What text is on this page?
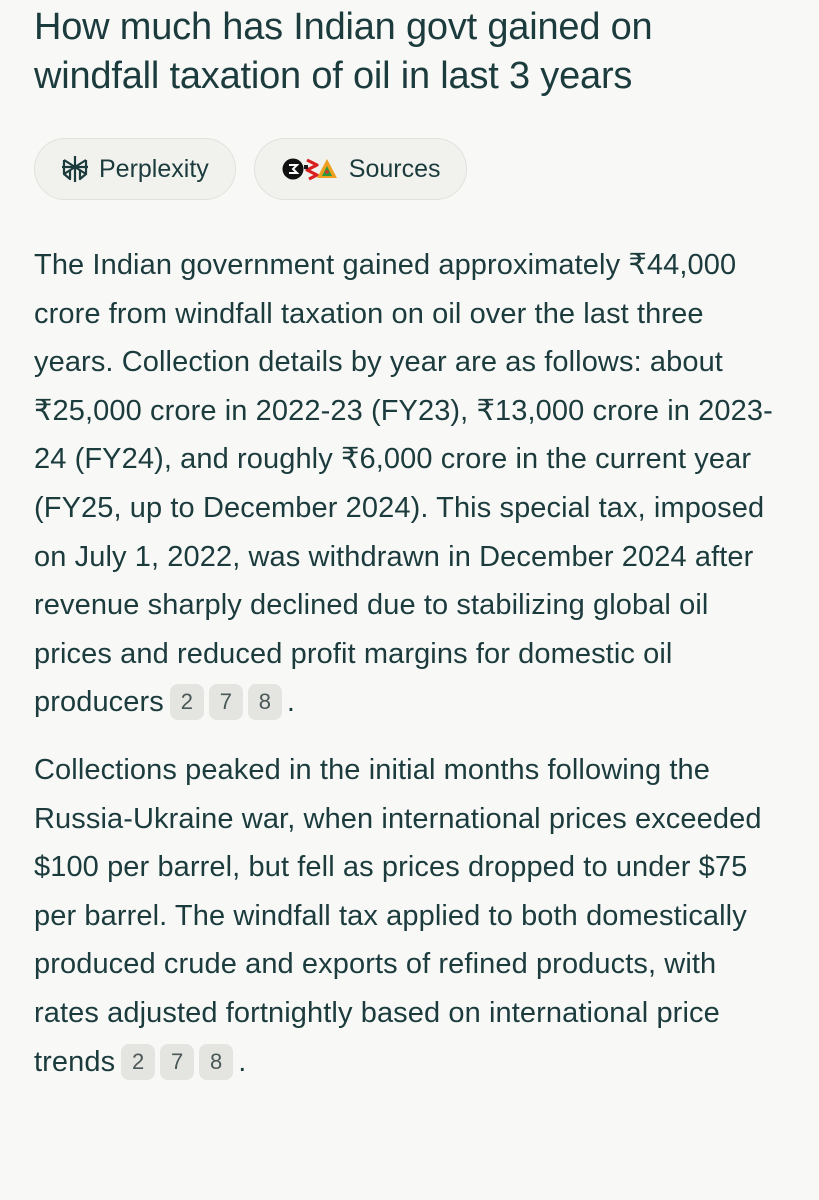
How much has Indian govt gained on windfall taxation of oil in last 3 years
Perplexity	Sources

The Indian government gained approximately ₹44,000 crore from windfall taxation on oil over the last three years. Collection details by year are as follows: about ₹25,000 crore in 2022-23 (FY23), ₹13,000 crore in 2023-24 (FY24), and roughly ₹6,000 crore in the current year (FY25, up to December 2024). This special tax, imposed on July 1, 2022, was withdrawn in December 2024 after revenue sharply declined due to stabilizing global oil prices and reduced profit margins for domestic oil producers 2 7 8 .

Collections peaked in the initial months following the Russia-Ukraine war, when international prices exceeded $100 per barrel, but fell as prices dropped to under $75 per barrel. The windfall tax applied to both domestically produced crude and exports of refined products, with rates adjusted fortnightly based on international price trends 2 7 8 .
